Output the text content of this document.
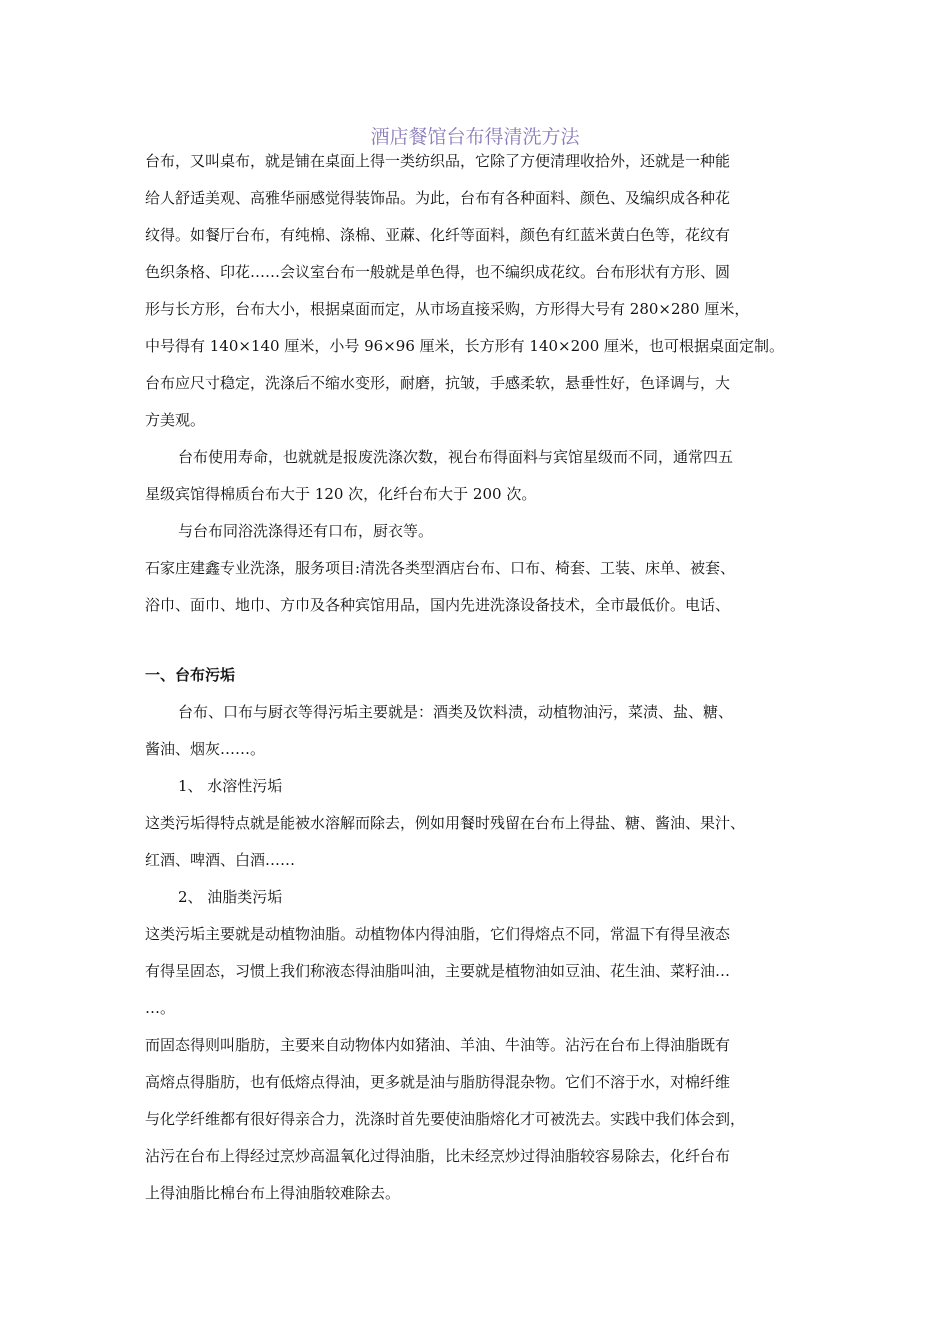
酒店餐馆台布得清洗方法
台布，又叫桌布，就是铺在桌面上得一类纺织品，它除了方便清理收拾外，还就是一种能
给人舒适美观、高雅华丽感觉得装饰品。为此，台布有各种面料、颜色、及编织成各种花
纹得。如餐厅台布，有纯棉、涤棉、亚蔴、化纤等面料，颜色有红蓝米黄白色等，花纹有
色织条格、印花……会议室台布一般就是单色得，也不编织成花纹。台布形状有方形、圆
形与长方形，台布大小，根据桌面而定，从市场直接采购，方形得大号有 280×280 厘米，
中号得有 140×140 厘米，小号 96×96 厘米，长方形有 140×200 厘米，也可根据桌面定制。
台布应尺寸稳定，洗涤后不缩水变形，耐磨，抗皱，手感柔软，悬垂性好，色译调与，大
方美观。
台布使用寿命，也就就是报废洗涤次数，视台布得面料与宾馆星级而不同，通常四五
星级宾馆得棉质台布大于 120 次，化纤台布大于 200 次。
与台布同浴洗涤得还有口布，厨衣等。
石家庄建鑫专业洗涤，服务项目:清洗各类型酒店台布、口布、椅套、工装、床单、被套、
浴巾、面巾、地巾、方巾及各种宾馆用品，国内先进洗涤设备技术，全市最低价。电话、
一、台布污垢
台布、口布与厨衣等得污垢主要就是：酒类及饮料渍，动植物油污，菜渍、盐、糖、
酱油、烟灰……。
1、 水溶性污垢
这类污垢得特点就是能被水溶解而除去，例如用餐时残留在台布上得盐、糖、酱油、果汁、
红酒、啤酒、白酒……
2、 油脂类污垢
这类污垢主要就是动植物油脂。动植物体内得油脂，它们得熔点不同，常温下有得呈液态
有得呈固态，习惯上我们称液态得油脂叫油，主要就是植物油如豆油、花生油、菜籽油…
…。
而固态得则叫脂肪，主要来自动物体内如猪油、羊油、牛油等。沾污在台布上得油脂既有
高熔点得脂肪，也有低熔点得油，更多就是油与脂肪得混杂物。它们不溶于水，对棉纤维
与化学纤维都有很好得亲合力，洗涤时首先要使油脂熔化才可被洗去。实践中我们体会到，
沾污在台布上得经过烹炒高温氧化过得油脂，比未经烹炒过得油脂较容易除去，化纤台布
上得油脂比棉台布上得油脂较难除去。
